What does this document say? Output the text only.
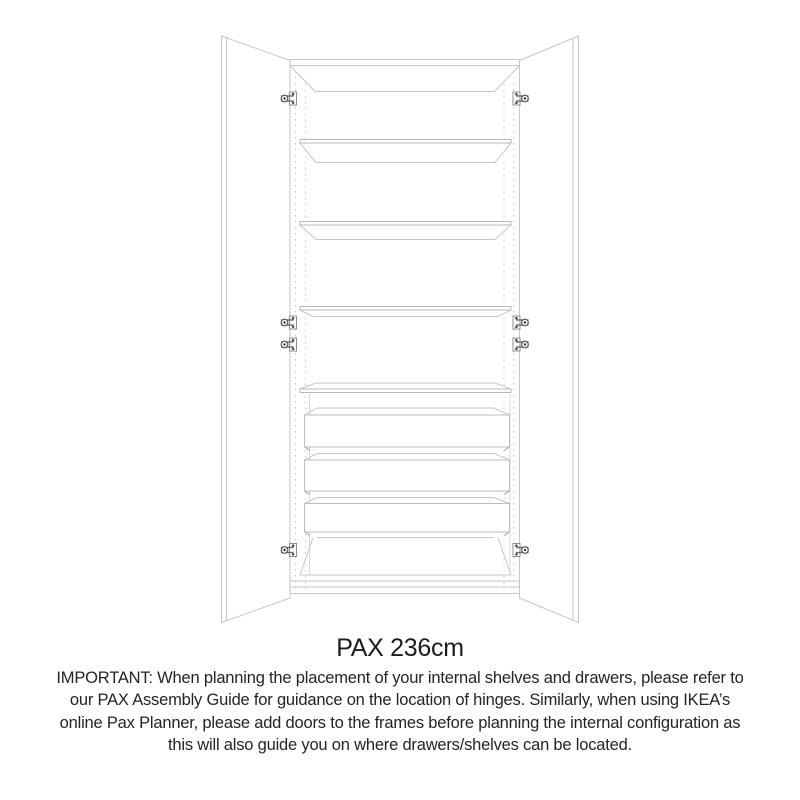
PAX 236cm
IMPORTANT: When planning the placement of your internal shelves and drawers, please refer to
our PAX Assembly Guide for guidance on the location of hinges. Similarly, when using IKEA’s
online Pax Planner, please add doors to the frames before planning the internal configuration as
this will also guide you on where drawers/shelves can be located.
